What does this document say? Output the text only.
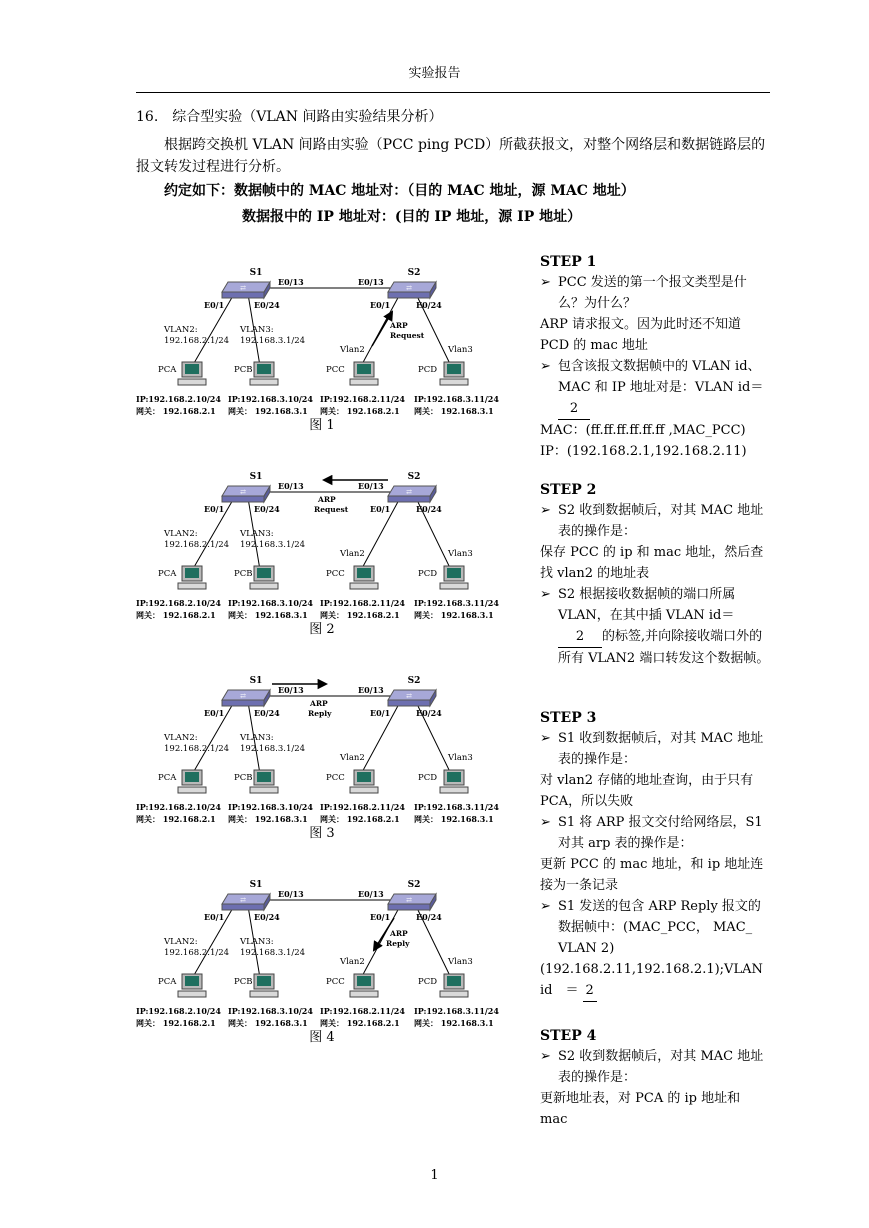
实验报告
16.　综合型实验（VLAN 间路由实验结果分析）
根据跨交换机 VLAN 间路由实验（PCC ping PCD）所截获报文，对整个网络层和数据链路层的报文转发过程进行分析。
约定如下：数据帧中的 MAC 地址对：（目的 MAC 地址，源 MAC 地址）
数据报中的 IP 地址对：(目的 IP 地址，源 IP 地址）
⇄	⇄
S1	S2
E0/13	E0/13
E0/1	E0/24	E0/1	E0/24
VLAN2:
192.168.2.1/24
VLAN3:
192.168.3.1/24
Vlan2	Vlan3
PCA	PCB	PCC	PCD
IP:192.168.2.10/24
网关： 192.168.2.1
IP:192.168.3.10/24
网关： 192.168.3.1
IP:192.168.2.11/24
网关： 192.168.2.1
IP:192.168.3.11/24
网关： 192.168.3.1
ARP
Request
图 1
⇄	⇄
S1	S2
E0/13	E0/13
E0/1	E0/24	E0/1	E0/24
VLAN2:
192.168.2.1/24
VLAN3:
192.168.3.1/24
Vlan2	Vlan3
PCA	PCB	PCC	PCD
IP:192.168.2.10/24
网关： 192.168.2.1
IP:192.168.3.10/24
网关： 192.168.3.1
IP:192.168.2.11/24
网关： 192.168.2.1
IP:192.168.3.11/24
网关： 192.168.3.1
ARP
Request
图 2
⇄	⇄
S1	S2
E0/13	E0/13
E0/1	E0/24	E0/1	E0/24
VLAN2:
192.168.2.1/24
VLAN3:
192.168.3.1/24
Vlan2	Vlan3
PCA	PCB	PCC	PCD
IP:192.168.2.10/24
网关： 192.168.2.1
IP:192.168.3.10/24
网关： 192.168.3.1
IP:192.168.2.11/24
网关： 192.168.2.1
IP:192.168.3.11/24
网关： 192.168.3.1
ARP
Reply
图 3
⇄	⇄
S1	S2
E0/13	E0/13
E0/1	E0/24	E0/1	E0/24
VLAN2:
192.168.2.1/24
VLAN3:
192.168.3.1/24
Vlan2	Vlan3
PCA	PCB	PCC	PCD
IP:192.168.2.10/24
网关： 192.168.2.1
IP:192.168.3.10/24
网关： 192.168.3.1
IP:192.168.2.11/24
网关： 192.168.2.1
IP:192.168.3.11/24
网关： 192.168.3.1
ARP
Reply
图 4

STEP 1

➢ PCC 发送的第一个报文类型是什么？为什么？

ARP 请求报文。因为此时还不知道 PCD 的 mac 地址

➢ 包含该报文数据帧中的 VLAN id、MAC 和 IP 地址对是：VLAN id＝2

MAC：(ff.ff.ff.ff.ff.ff ,MAC_PCC)

IP：(192.168.2.1,192.168.2.11)

STEP 2

➢ S2 收到数据帧后，对其 MAC 地址表的操作是：

保存 PCC 的 ip 和 mac 地址，然后查找 vlan2 的地址表

➢ S2 根据接收数据帧的端口所属 VLAN，在其中插 VLAN id＝2 的标签,并向除接收端口外的所有 VLAN2 端口转发这个数据帧。

STEP 3

➢ S1 收到数据帧后，对其 MAC 地址表的操作是：

对 vlan2 存储的地址查询，由于只有 PCA，所以失败

➢ S1 将 ARP 报文交付给网络层，S1 对其 arp 表的操作是：

更新 PCC 的 mac 地址，和 ip 地址连接为一条记录

➢ S1 发送的包含 ARP Reply 报文的数据帧中：(MAC_PCC， MAC_ VLAN 2)

(192.168.2.11,192.168.2.1);VLAN　id　＝ 2

STEP 4

➢ S2 收到数据帧后，对其 MAC 地址表的操作是：

更新地址表，对 PCA 的 ip 地址和 mac

1
